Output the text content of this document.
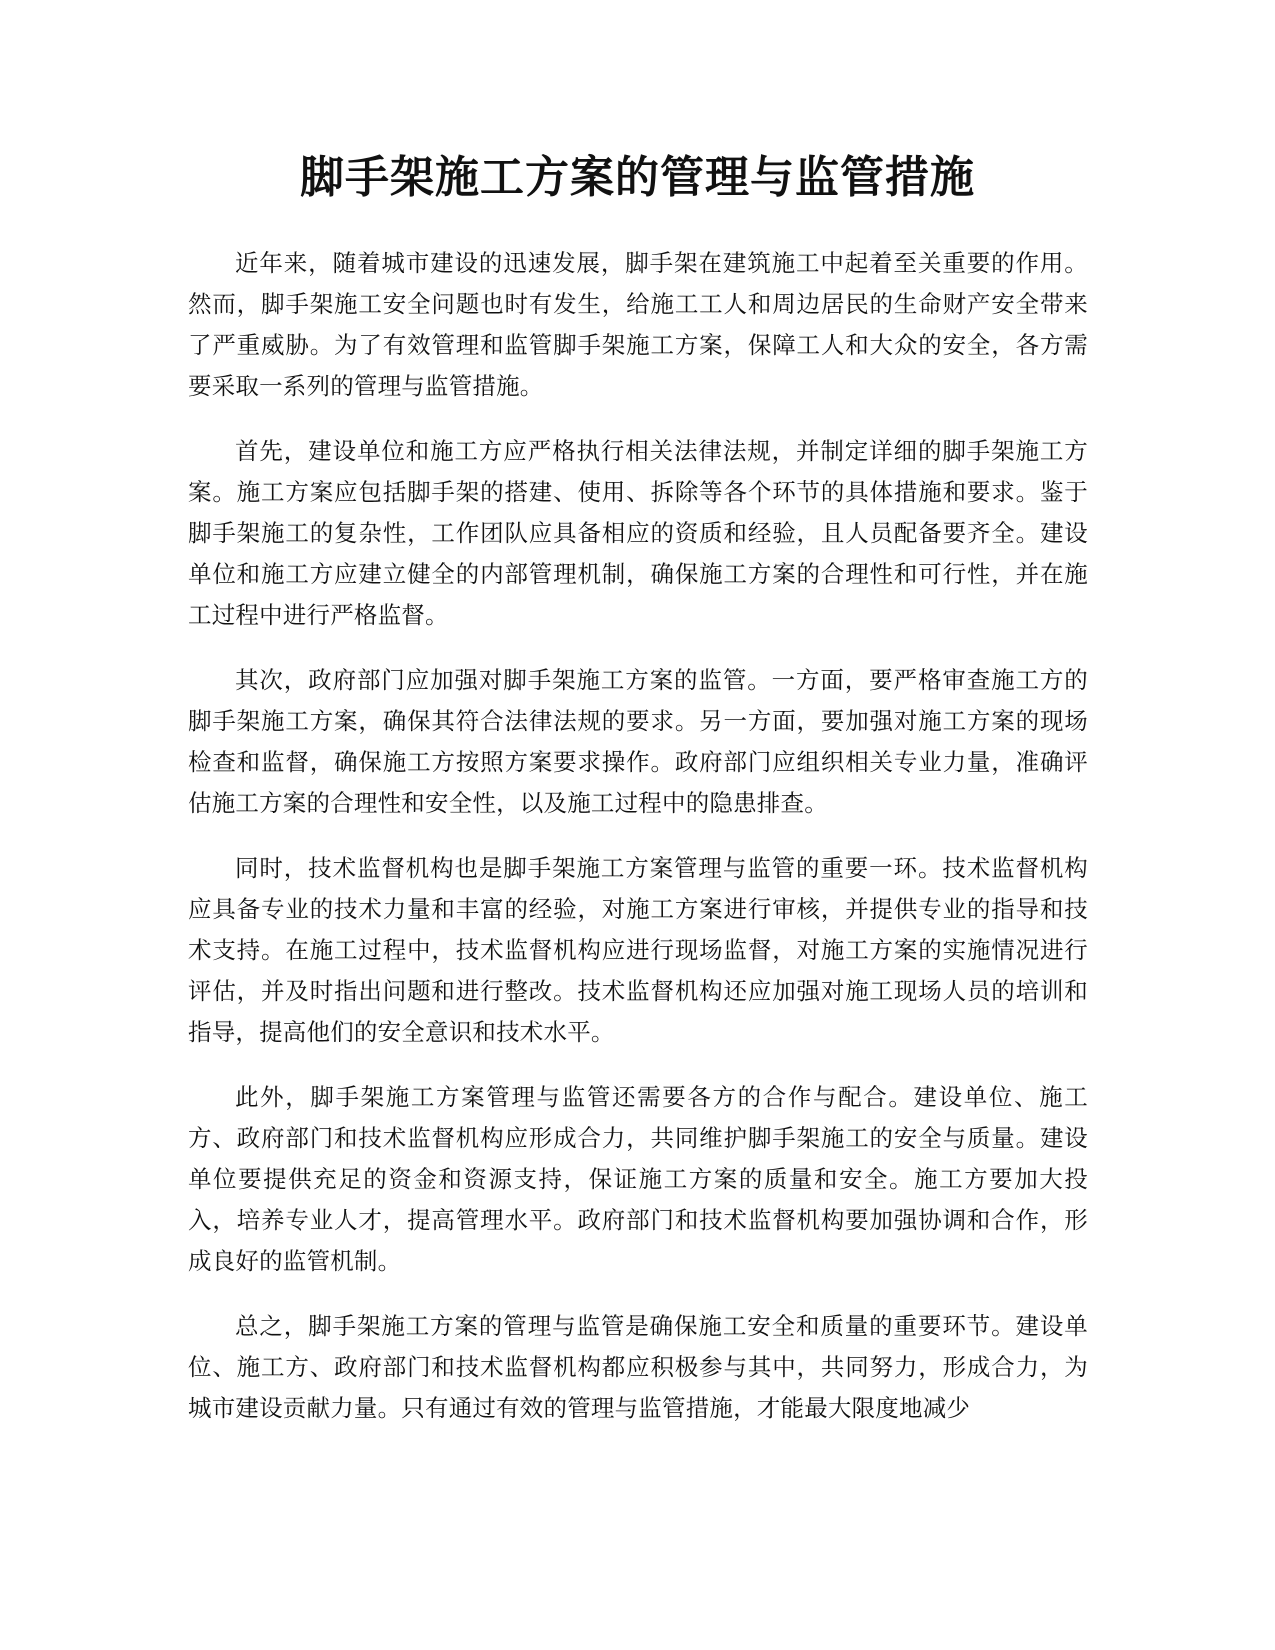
脚手架施工方案的管理与监管措施

近年来，随着城市建设的迅速发展，脚手架在建筑施工中起着至关重要的作用。然而，脚手架施工安全问题也时有发生，给施工工人和周边居民的生命财产安全带来了严重威胁。为了有效管理和监管脚手架施工方案，保障工人和大众的安全，各方需要采取一系列的管理与监管措施。

首先，建设单位和施工方应严格执行相关法律法规，并制定详细的脚手架施工方案。施工方案应包括脚手架的搭建、使用、拆除等各个环节的具体措施和要求。鉴于脚手架施工的复杂性，工作团队应具备相应的资质和经验，且人员配备要齐全。建设单位和施工方应建立健全的内部管理机制，确保施工方案的合理性和可行性，并在施工过程中进行严格监督。

其次，政府部门应加强对脚手架施工方案的监管。一方面，要严格审查施工方的脚手架施工方案，确保其符合法律法规的要求。另一方面，要加强对施工方案的现场检查和监督，确保施工方按照方案要求操作。政府部门应组织相关专业力量，准确评估施工方案的合理性和安全性，以及施工过程中的隐患排查。

同时，技术监督机构也是脚手架施工方案管理与监管的重要一环。技术监督机构应具备专业的技术力量和丰富的经验，对施工方案进行审核，并提供专业的指导和技术支持。在施工过程中，技术监督机构应进行现场监督，对施工方案的实施情况进行评估，并及时指出问题和进行整改。技术监督机构还应加强对施工现场人员的培训和指导，提高他们的安全意识和技术水平。

此外，脚手架施工方案管理与监管还需要各方的合作与配合。建设单位、施工方、政府部门和技术监督机构应形成合力，共同维护脚手架施工的安全与质量。建设单位要提供充足的资金和资源支持，保证施工方案的质量和安全。施工方要加大投入，培养专业人才，提高管理水平。政府部门和技术监督机构要加强协调和合作，形成良好的监管机制。

总之，脚手架施工方案的管理与监管是确保施工安全和质量的重要环节。建设单位、施工方、政府部门和技术监督机构都应积极参与其中，共同努力，形成合力，为城市建设贡献力量。只有通过有效的管理与监管措施，才能最大限度地减少
